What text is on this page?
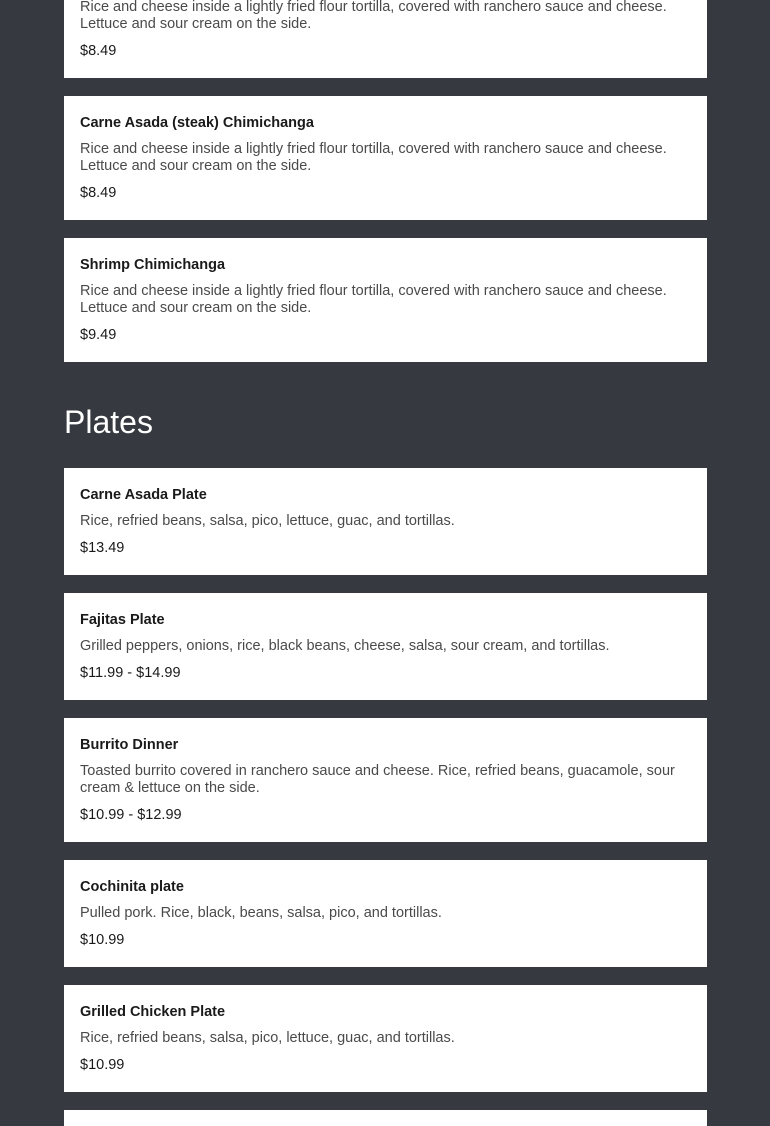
Rice and cheese inside a lightly fried flour tortilla, covered with ranchero sauce and cheese. Lettuce and sour cream on the side.

$8.49

Carne Asada (steak) Chimichanga

Rice and cheese inside a lightly fried flour tortilla, covered with ranchero sauce and cheese. Lettuce and sour cream on the side.

$8.49

Shrimp Chimichanga

Rice and cheese inside a lightly fried flour tortilla, covered with ranchero sauce and cheese. Lettuce and sour cream on the side.

$9.49

Plates

Carne Asada Plate

Rice, refried beans, salsa, pico, lettuce, guac, and tortillas.

$13.49

Fajitas Plate

Grilled peppers, onions, rice, black beans, cheese, salsa, sour cream, and tortillas.

$11.99 - $14.99

Burrito Dinner

Toasted burrito covered in ranchero sauce and cheese. Rice, refried beans, guacamole, sour cream & lettuce on the side.

$10.99 - $12.99

Cochinita plate

Pulled pork. Rice, black, beans, salsa, pico, and tortillas.

$10.99

Grilled Chicken Plate

Rice, refried beans, salsa, pico, lettuce, guac, and tortillas.

$10.99
